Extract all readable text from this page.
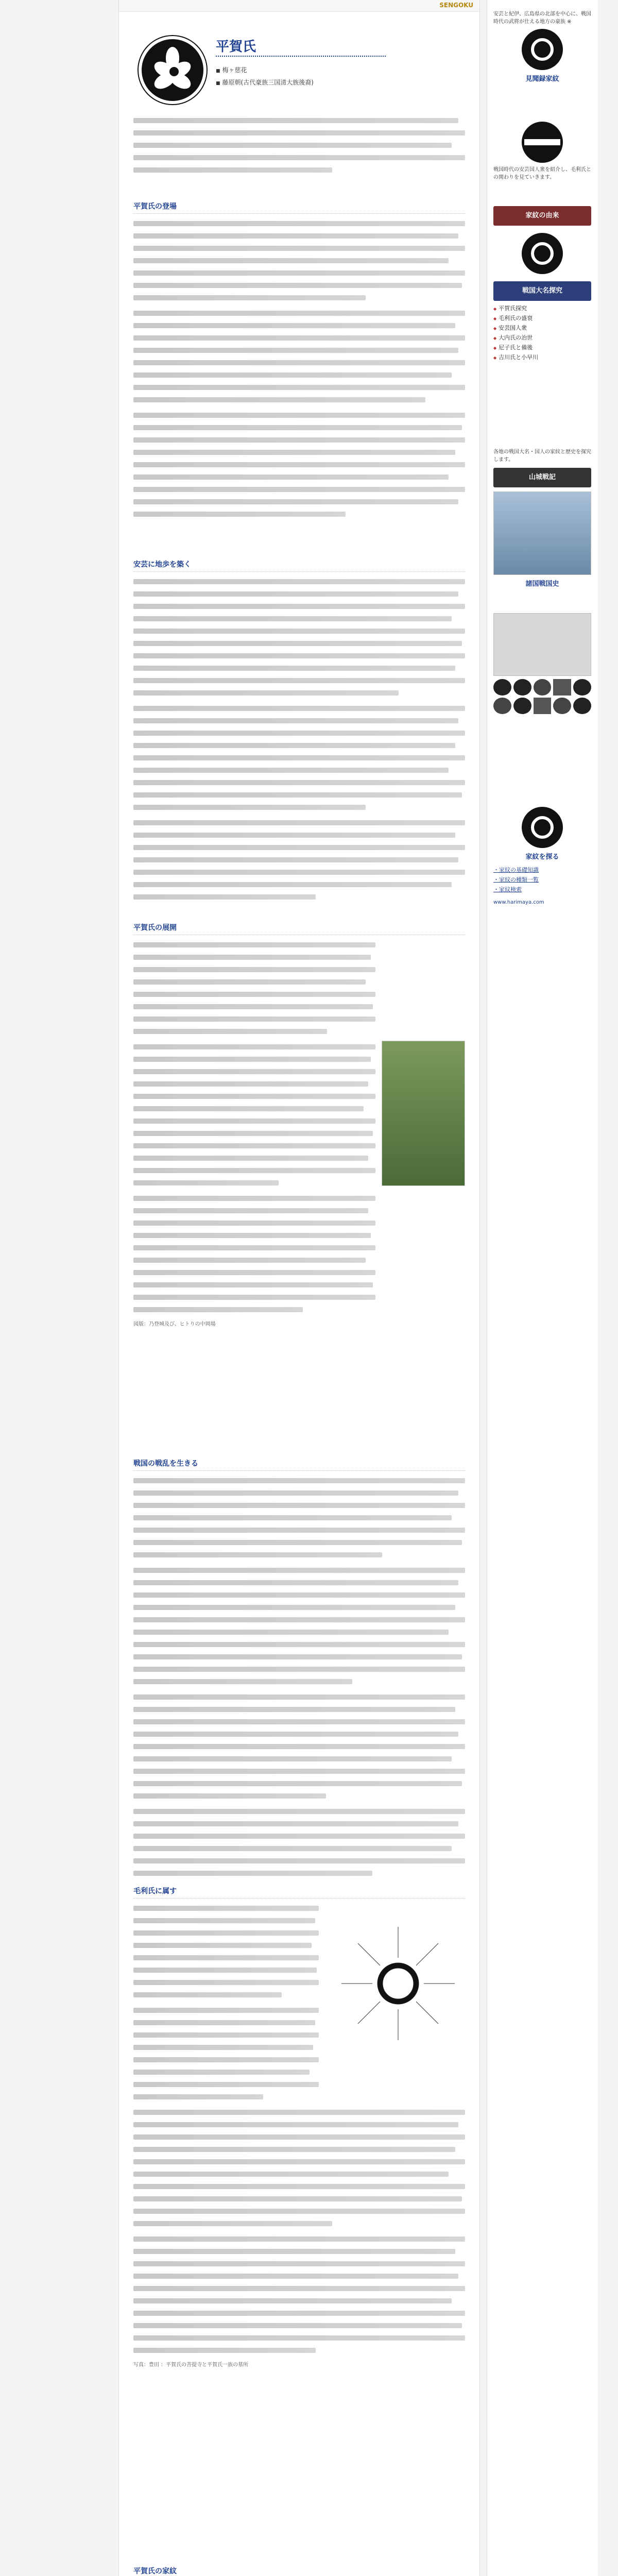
SENGOKU
平賀氏
■ 梅ヶ慈花
■ 藤原朝(古代豪族三国清大族後裔)
平賀氏の登場
安芸に地歩を築く
平賀氏の展開
図版：乃登城及び、ヒトりの中岡場
戦国の戦乱を生きる
毛利氏に属す
写真：豊田 ：平賀氏の菩提寺と平賀氏一族の墓所
平賀氏の家紋
安芸と紀伊、広島県の北部を中心に、戦国時代の武将が仕える地方の豪族 ※
見聞録家紋
戦国時代の安芸国人衆を紹介し、毛利氏との関わりを見ていきます。
家紋の由来
戦国大名探究
◆ 平賀氏探究
◆ 毛利氏の盛衰
◆ 安芸国人衆
◆ 大内氏の治世
◆ 尼子氏と備後
◆ 吉川氏と小早川
各地の戦国大名・国人の家紋と歴史を探究します。
山城戦記
諸国戦国史
家紋を探る
・家紋の基礎知識
・家紋の種類一覧
・家紋検索
www.harimaya.com
